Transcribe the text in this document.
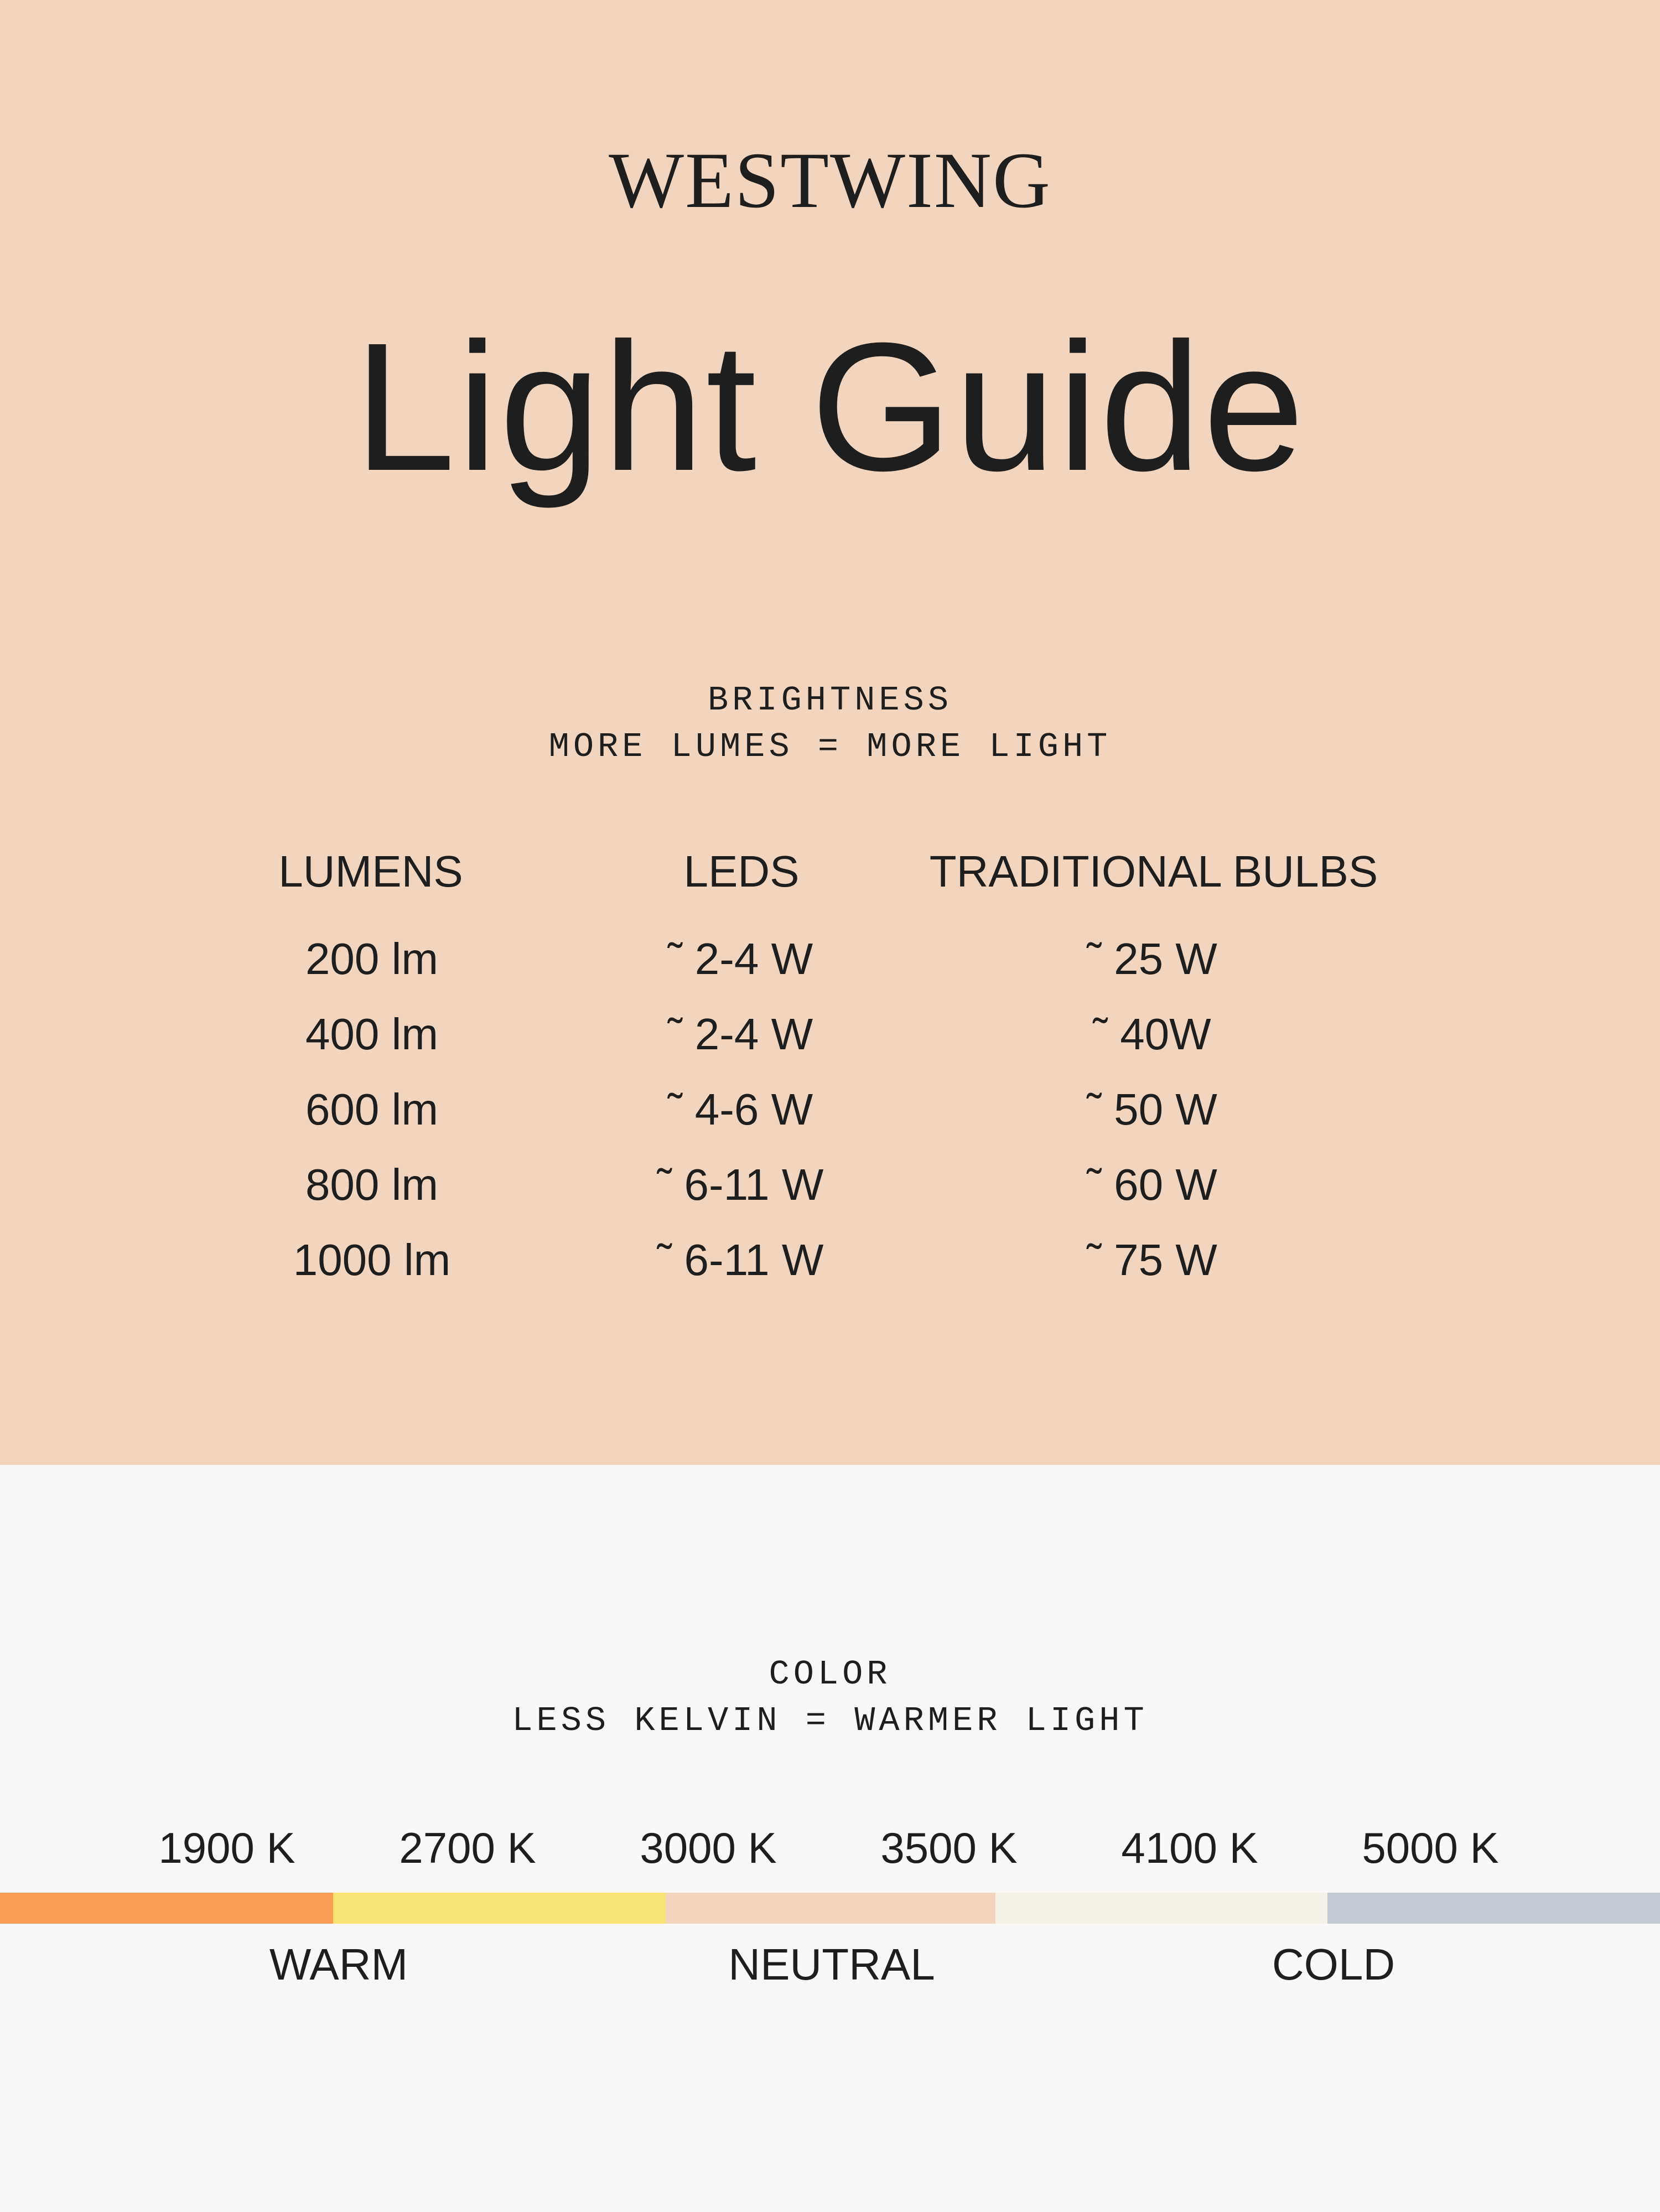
WESTWING
Light Guide
BRIGHTNESS
MORE LUMES = MORE LIGHT
LUMENS	LEDS	TRADITIONAL BULBS
200 lm	˜ 2-4 W	˜ 25 W
400 lm	˜ 2-4 W	˜ 40W
600 lm	˜ 4-6 W	˜ 50 W
800 lm	˜ 6-11 W	˜ 60 W
1000 lm	˜ 6-11 W	˜ 75 W
COLOR
LESS KELVIN = WARMER LIGHT
1900 K 2700 K 3000 K 3500 K 4100 K 5000 K
WARM	NEUTRAL	COLD
